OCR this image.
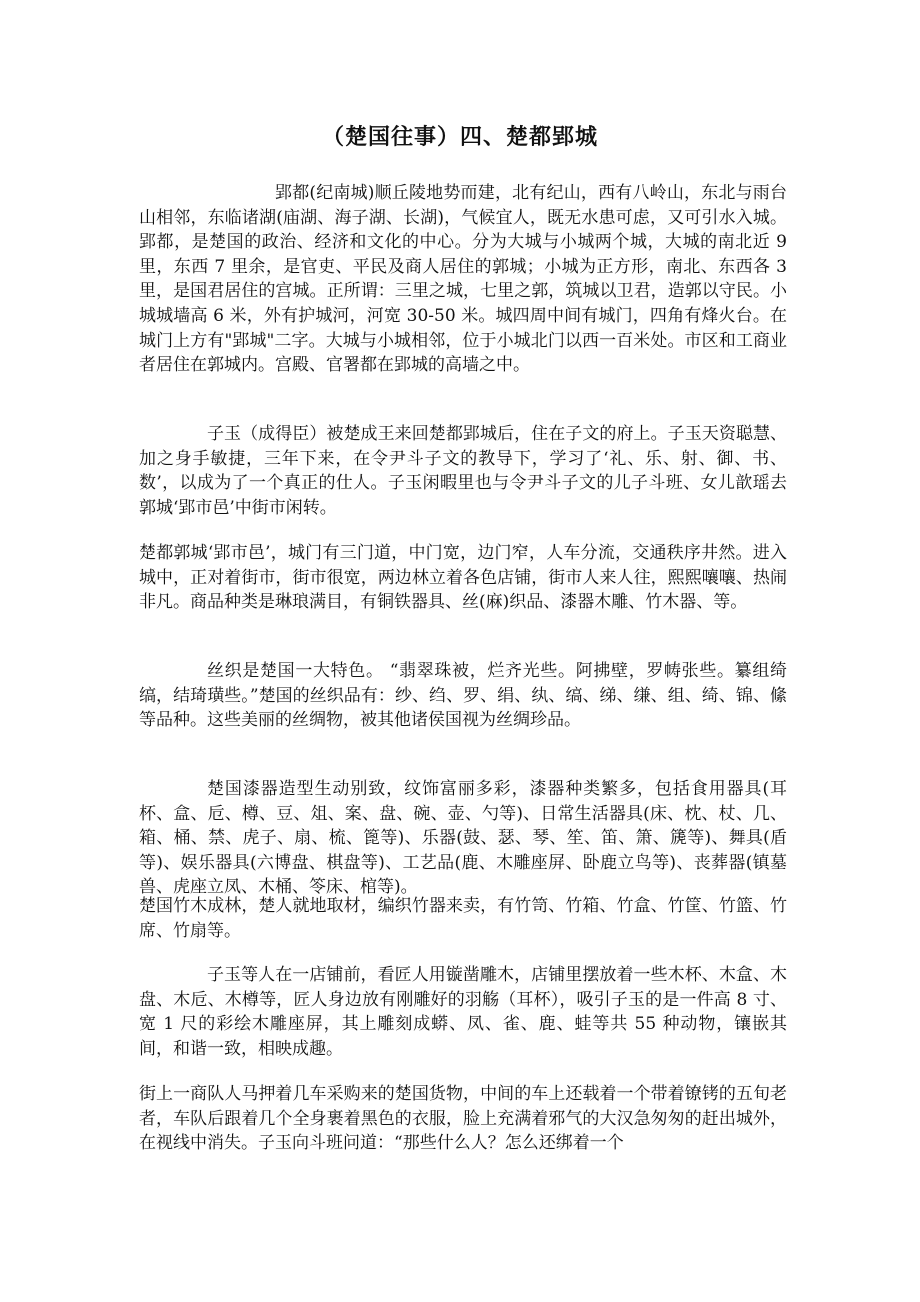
（楚国往事）四、楚都郢城

郢都(纪南城)顺丘陵地势而建，北有纪山，西有八岭山，东北与雨台山相邻，东临诸湖(庙湖、海子湖、长湖)，气候宜人，既无水患可虑，又可引水入城。郢都，是楚国的政治、经济和文化的中心。分为大城与小城两个城，大城的南北近 9 里，东西 7 里余，是官吏、平民及商人居住的郭城；小城为正方形，南北、东西各 3 里，是国君居住的宫城。正所谓：三里之城，七里之郭，筑城以卫君，造郭以守民。小城城墙高 6 米，外有护城河，河宽 30-50 米。城四周中间有城门，四角有烽火台。在城门上方有"郢城"二字。大城与小城相邻，位于小城北门以西一百米处。市区和工商业者居住在郭城内。宫殿、官署都在郢城的高墙之中。

子玉（成得臣）被楚成王来回楚都郢城后，住在子文的府上。子玉天资聪慧、加之身手敏捷，三年下来，在令尹斗子文的教导下，学习了‘礼、乐、射、御、书、数’，以成为了一个真正的仕人。子玉闲暇里也与令尹斗子文的儿子斗班、女儿歆瑶去郭城‘郢市邑’中街市闲转。

楚都郭城‘郢市邑’，城门有三门道，中门宽，边门窄，人车分流，交通秩序井然。进入城中，正对着街市，街市很宽，两边林立着各色店铺，街市人来人往，熙熙嚷嚷、热闹非凡。商品种类是琳琅满目，有铜铁器具、丝(麻)织品、漆器木雕、竹木器、等。

丝织是楚国一大特色。 “翡翠珠被，烂齐光些。阿拂壁，罗帱张些。纂组绮缟，结琦璜些。”楚国的丝织品有：纱、绉、罗、绢、纨、缟、绨、缣、组、绮、锦、絛等品种。这些美丽的丝绸物，被其他诸侯国视为丝绸珍品。

楚国漆器造型生动别致，纹饰富丽多彩，漆器种类繁多，包括食用器具(耳杯、盒、卮、樽、豆、俎、案、盘、碗、壶、勺等)、日常生活器具(床、枕、杖、几、箱、桶、禁、虎子、扇、梳、篦等)、乐器(鼓、瑟、琴、笙、笛、箫、篪等)、舞具(盾等)、娱乐器具(六博盘、棋盘等)、工艺品(鹿、木雕座屏、卧鹿立鸟等)、丧葬器(镇墓兽、虎座立凤、木桶、笭床、棺等)。

楚国竹木成林，楚人就地取材，编织竹器来卖，有竹笥、竹箱、竹盒、竹筐、竹篮、竹席、竹扇等。

子玉等人在一店铺前，看匠人用镟凿雕木，店铺里摆放着一些木杯、木盒、木盘、木卮、木樽等，匠人身边放有刚雕好的羽觞（耳杯），吸引子玉的是一件高 8 寸、宽 1 尺的彩绘木雕座屏，其上雕刻成蟒、凤、雀、鹿、蛙等共 55 种动物，镶嵌其间，和谐一致，相映成趣。

街上一商队人马押着几车采购来的楚国货物，中间的车上还载着一个带着镣铐的五旬老者，车队后跟着几个全身裹着黑色的衣服，脸上充满着邪气的大汉急匆匆的赶出城外，在视线中消失。子玉向斗班问道：“那些什么人？怎么还绑着一个
